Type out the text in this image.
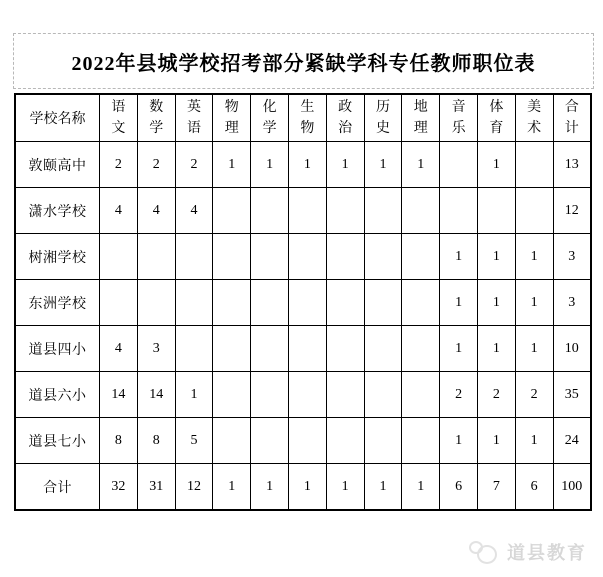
2022年县城学校招考部分紧缺学科专任教师职位表
学校名称	语文	数学	英语	物理	化学	生物	政治	历史	地理	音乐	体育	美术	合计
敦颐高中	2	2	2	1	1	1	1	1	1		1		13
潇水学校	4	4	4										12
树湘学校										1	1	1	3
东洲学校										1	1	1	3
道县四小	4	3								1	1	1	10
道县六小	14	14	1							2	2	2	35
道县七小	8	8	5							1	1	1	24
合计	32	31	12	1	1	1	1	1	1	6	7	6	100
道县教育
